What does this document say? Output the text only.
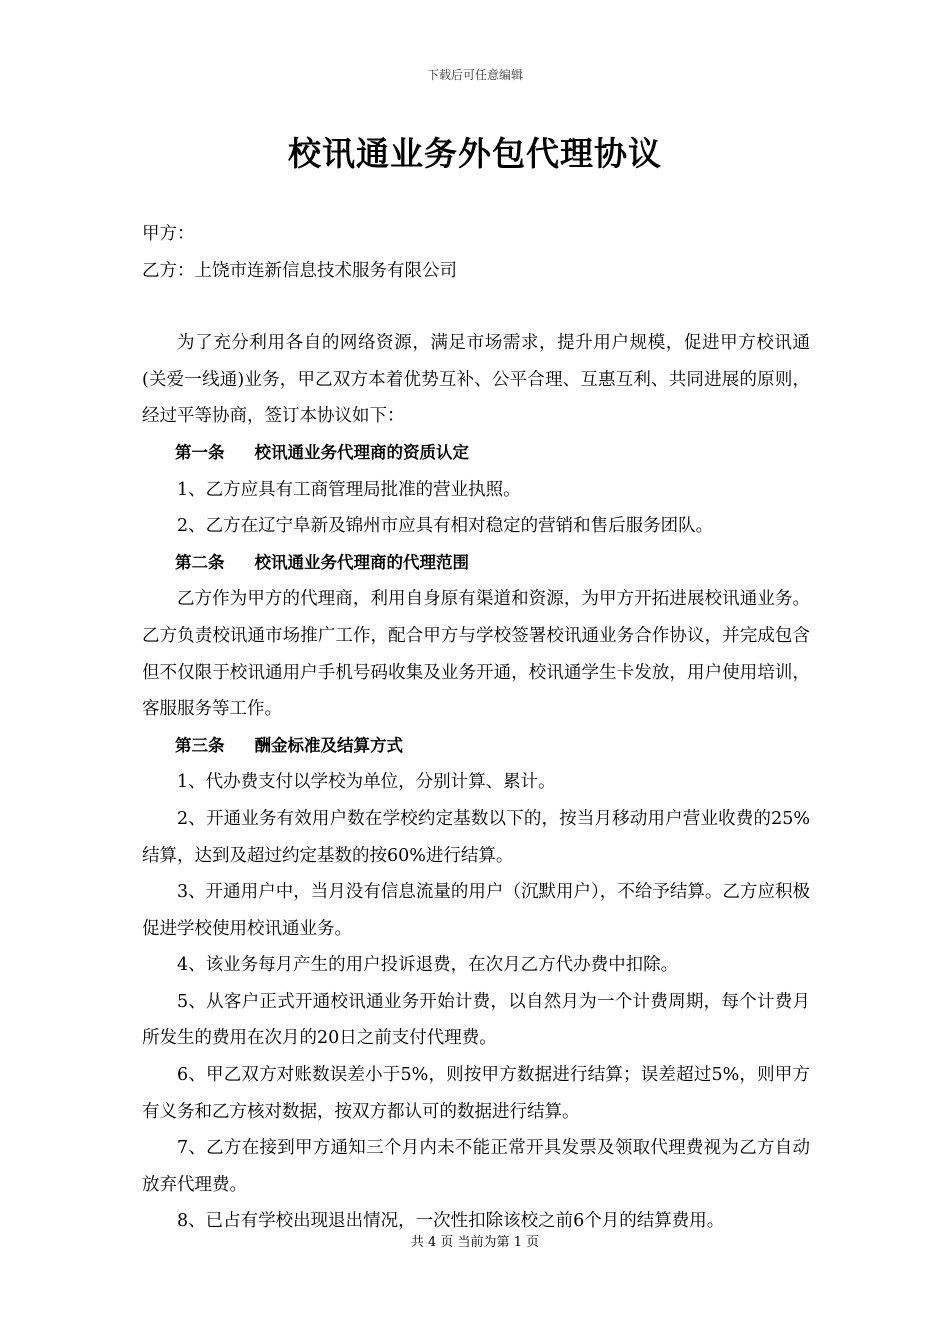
下载后可任意编辑
校讯通业务外包代理协议

甲方：

乙方：上饶市连新信息技术服务有限公司

为了充分利用各自的网络资源，满足市场需求，提升用户规模，促进甲方校讯通(关爱一线通)业务，甲乙双方本着优势互补、公平合理、互惠互利、共同进展的原则，经过平等协商，签订本协议如下：

第一条 校讯通业务代理商的资质认定

1、乙方应具有工商管理局批准的营业执照。

2、乙方在辽宁阜新及锦州市应具有相对稳定的营销和售后服务团队。

第二条 校讯通业务代理商的代理范围

乙方作为甲方的代理商，利用自身原有渠道和资源，为甲方开拓进展校讯通业务。乙方负责校讯通市场推广工作，配合甲方与学校签署校讯通业务合作协议，并完成包含但不仅限于校讯通用户手机号码收集及业务开通，校讯通学生卡发放，用户使用培训，客服服务等工作。

第三条 酬金标准及结算方式

1、代办费支付以学校为单位，分别计算、累计。

2、开通业务有效用户数在学校约定基数以下的，按当月移动用户营业收费的25%结算，达到及超过约定基数的按60%进行结算。

3、开通用户中，当月没有信息流量的用户（沉默用户），不给予结算。乙方应积极促进学校使用校讯通业务。

4、该业务每月产生的用户投诉退费，在次月乙方代办费中扣除。

5、从客户正式开通校讯通业务开始计费，以自然月为一个计费周期，每个计费月所发生的费用在次月的20日之前支付代理费。

6、甲乙双方对账数误差小于5%，则按甲方数据进行结算；误差超过5%，则甲方有义务和乙方核对数据，按双方都认可的数据进行结算。

7、乙方在接到甲方通知三个月内未不能正常开具发票及领取代理费视为乙方自动放弃代理费。

8、已占有学校出现退出情况，一次性扣除该校之前6个月的结算费用。

共 4 页 当前为第 1 页
